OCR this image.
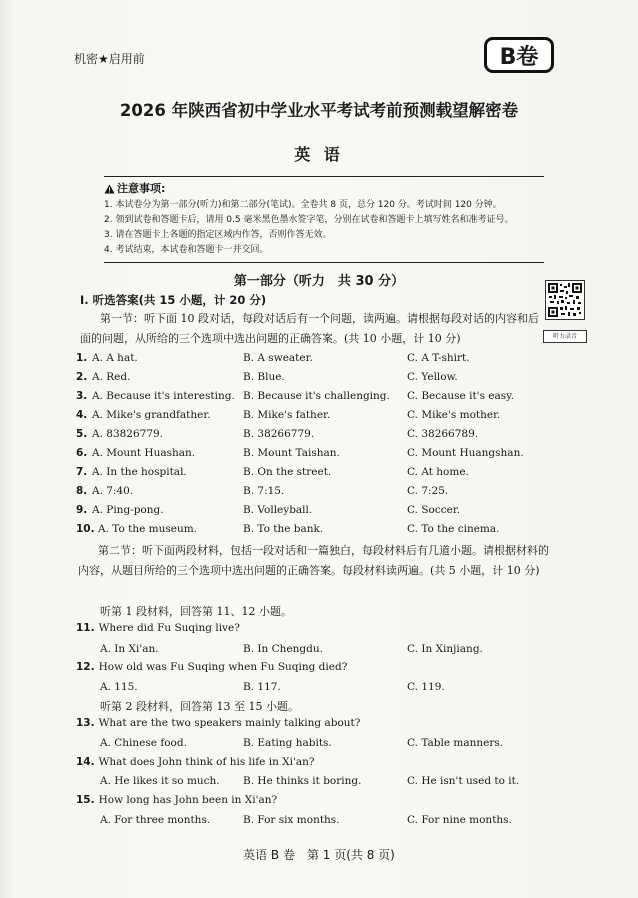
机密★启用前	B卷
2026 年陕西省初中学业水平考试考前预测载望解密卷
英 语
注意事项:
1. 本试卷分为第一部分(听力)和第二部分(笔试)。全卷共 8 页，总分 120 分。考试时间 120 分钟。
2. 领到试卷和答题卡后，请用 0.5 毫米黑色墨水签字笔，分别在试卷和答题卡上填写姓名和准考证号。
3. 请在答题卡上各题的指定区域内作答，否则作答无效。
4. 考试结束，本试卷和答题卡一并交回。
第一部分（听力　共 30 分）
听力录音
Ⅰ. 听选答案(共 15 小题，计 20 分)
第一节：听下面 10 段对话，每段对话后有一个问题，读两遍。请根据每段对话的内容和后面的问题，从所给的三个选项中选出问题的正确答案。(共 10 小题，计 10 分)
1. A. A hat.	B. A sweater.	C. A T-shirt.
2. A. Red.	B. Blue.	C. Yellow.
3. A. Because it's interesting. B. Because it's challenging. C. Because it's easy.
4. A. Mike's grandfather.	B. Mike's father.	C. Mike's mother.
5. A. 83826779.	B. 38266779.	C. 38266789.
6. A. Mount Huashan.	B. Mount Taishan.	C. Mount Huangshan.
7. A. In the hospital.	B. On the street.	C. At home.
8. A. 7:40.	B. 7:15.	C. 7:25.
9. A. Ping-pong.	B. Volleyball.	C. Soccer.
10. A. To the museum.	B. To the bank.	C. To the cinema.
第二节：听下面两段材料，包括一段对话和一篇独白，每段材料后有几道小题。请根据材料的内容，从题目所给的三个选项中选出问题的正确答案。每段材料读两遍。(共 5 小题，计 10 分)
听第 1 段材料，回答第 11、12 小题。
11. Where did Fu Suqing live?
A. In Xi'an.	B. In Chengdu.	C. In Xinjiang.
12. How old was Fu Suqing when Fu Suqing died?
A. 115.	B. 117.	C. 119.
听第 2 段材料，回答第 13 至 15 小题。
13. What are the two speakers mainly talking about?
A. Chinese food.	B. Eating habits.	C. Table manners.
14. What does John think of his life in Xi'an?
A. He likes it so much. B. He thinks it boring.	C. He isn't used to it.
15. How long has John been in Xi'an?
A. For three months.	B. For six months.	C. For nine months.
英语 B 卷　第 1 页(共 8 页)
